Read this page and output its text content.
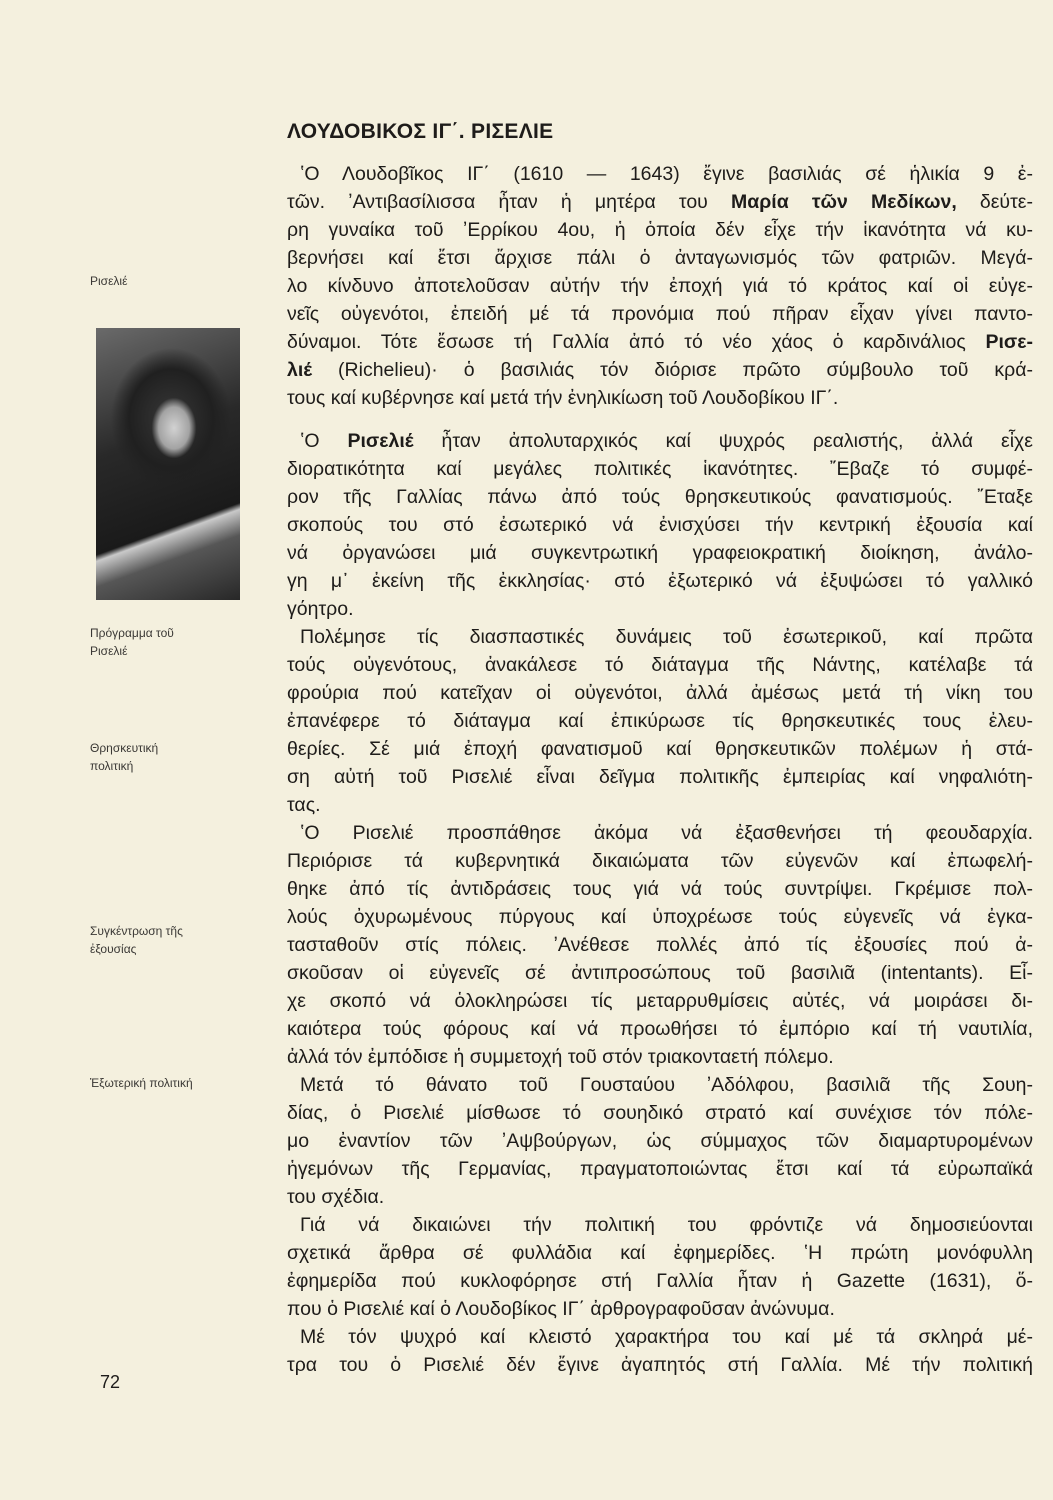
Ρισελιέ
Πρόγραμμα τοῦ
Ρισελιέ
Θρησκευτική
πολιτική
Συγκέντρωση τῆς
ἐξουσίας
Ἐξωτερική πολιτική
ΛΟΥΔΟΒΙΚΟΣ ΙΓ΄. ΡΙΣΕΛΙΕ
ʽΟ Λουδοβῖκος ΙΓ΄ (1610 — 1643) ἔγινε βασιλιάς σέ ἡλικία 9 ἐ-
τῶν. ʼΑντιβασίλισσα ἦταν ἡ μητέρα του Μαρία τῶν Μεδίκων, δεύτε-
ρη γυναίκα τοῦ ʼΕρρίκου 4ου, ἡ ὁποία δέν εἶχε τήν ἱκανότητα νά κυ-
βερνήσει καί ἔτσι ἄρχισε πάλι ὁ ἀνταγωνισμός τῶν φατριῶν. Μεγά-
λο κίνδυνο ἀποτελοῦσαν αὐτήν τήν ἐποχή γιά τό κράτος καί οἱ εὐγε-
νεῖς οὐγενότοι, ἐπειδή μέ τά προνόμια πού πῆραν εἶχαν γίνει παντο-
δύναμοι. Τότε ἔσωσε τή Γαλλία ἀπό τό νέο χάος ὁ καρδινάλιος Ρισε-
λιέ (Richelieu)· ὁ βασιλιάς τόν διόρισε πρῶτο σύμβουλο τοῦ κρά-
τους καί κυβέρνησε καί μετά τήν ἐνηλικίωση τοῦ Λουδοβίκου ΙΓ΄.
ʽΟ Ρισελιέ ἦταν ἀπολυταρχικός καί ψυχρός ρεαλιστής, ἀλλά εἶχε
διορατικότητα καί μεγάλες πολιτικές ἱκανότητες. ῎Εβαζε τό συμφέ-
ρον τῆς Γαλλίας πάνω ἀπό τούς θρησκευτικούς φανατισμούς. ῎Εταξε
σκοπούς του στό ἐσωτερικό νά ἐνισχύσει τήν κεντρική ἐξουσία καί
νά ὀργανώσει μιά συγκεντρωτική γραφειοκρατική διοίκηση, ἀνάλο-
γη μ᾿ ἐκείνη τῆς ἐκκλησίας· στό ἐξωτερικό νά ἐξυψώσει τό γαλλικό
γόητρο.
Πολέμησε τίς διασπαστικές δυνάμεις τοῦ ἐσωτερικοῦ, καί πρῶτα
τούς οὐγενότους, ἀνακάλεσε τό διάταγμα τῆς Νάντης, κατέλαβε τά
φρούρια πού κατεῖχαν οἱ οὐγενότοι, ἀλλά ἀμέσως μετά τή νίκη του
ἐπανέφερε τό διάταγμα καί ἐπικύρωσε τίς θρησκευτικές τους ἐλευ-
θερίες. Σέ μιά ἐποχή φανατισμοῦ καί θρησκευτικῶν πολέμων ἡ στά-
ση αὐτή τοῦ Ρισελιέ εἶναι δεῖγμα πολιτικῆς ἐμπειρίας καί νηφαλιότη-
τας.
ʽΟ Ρισελιέ προσπάθησε ἀκόμα νά ἐξασθενήσει τή φεουδαρχία.
Περιόρισε τά κυβερνητικά δικαιώματα τῶν εὐγενῶν καί ἐπωφελή-
θηκε ἀπό τίς ἀντιδράσεις τους γιά νά τούς συντρίψει. Γκρέμισε πολ-
λούς ὀχυρωμένους πύργους καί ὑποχρέωσε τούς εὐγενεῖς νά ἐγκα-
τασταθοῦν στίς πόλεις. ʼΑνέθεσε πολλές ἀπό τίς ἐξουσίες πού ἀ-
σκοῦσαν οἱ εὐγενεῖς σέ ἀντιπροσώπους τοῦ βασιλιᾶ (intentants). Εἶ-
χε σκοπό νά ὁλοκληρώσει τίς μεταρρυθμίσεις αὐτές, νά μοιράσει δι-
καιότερα τούς φόρους καί νά προωθήσει τό ἐμπόριο καί τή ναυτιλία,
ἀλλά τόν ἐμπόδισε ἡ συμμετοχή τοῦ στόν τριακονταετή πόλεμο.
Μετά τό θάνατο τοῦ Γουσταύου ʼΑδόλφου, βασιλιᾶ τῆς Σουη-
δίας, ὁ Ρισελιέ μίσθωσε τό σουηδικό στρατό καί συνέχισε τόν πόλε-
μο ἐναντίον τῶν ʼΑψβούργων, ὡς σύμμαχος τῶν διαμαρτυρομένων
ἡγεμόνων τῆς Γερμανίας, πραγματοποιώντας ἔτσι καί τά εὐρωπαϊκά
του σχέδια.
Γιά νά δικαιώνει τήν πολιτική του φρόντιζε νά δημοσιεύονται
σχετικά ἄρθρα σέ φυλλάδια καί ἐφημερίδες. ʽΗ πρώτη μονόφυλλη
ἐφημερίδα πού κυκλοφόρησε στή Γαλλία ἦταν ἡ Gazette (1631), ὅ-
που ὁ Ρισελιέ καί ὁ Λουδοβίκος ΙΓ΄ ἀρθρογραφοῦσαν ἀνώνυμα.
Μέ τόν ψυχρό καί κλειστό χαρακτήρα του καί μέ τά σκληρά μέ-
τρα του ὁ Ρισελιέ δέν ἔγινε ἀγαπητός στή Γαλλία. Μέ τήν πολιτική
72
